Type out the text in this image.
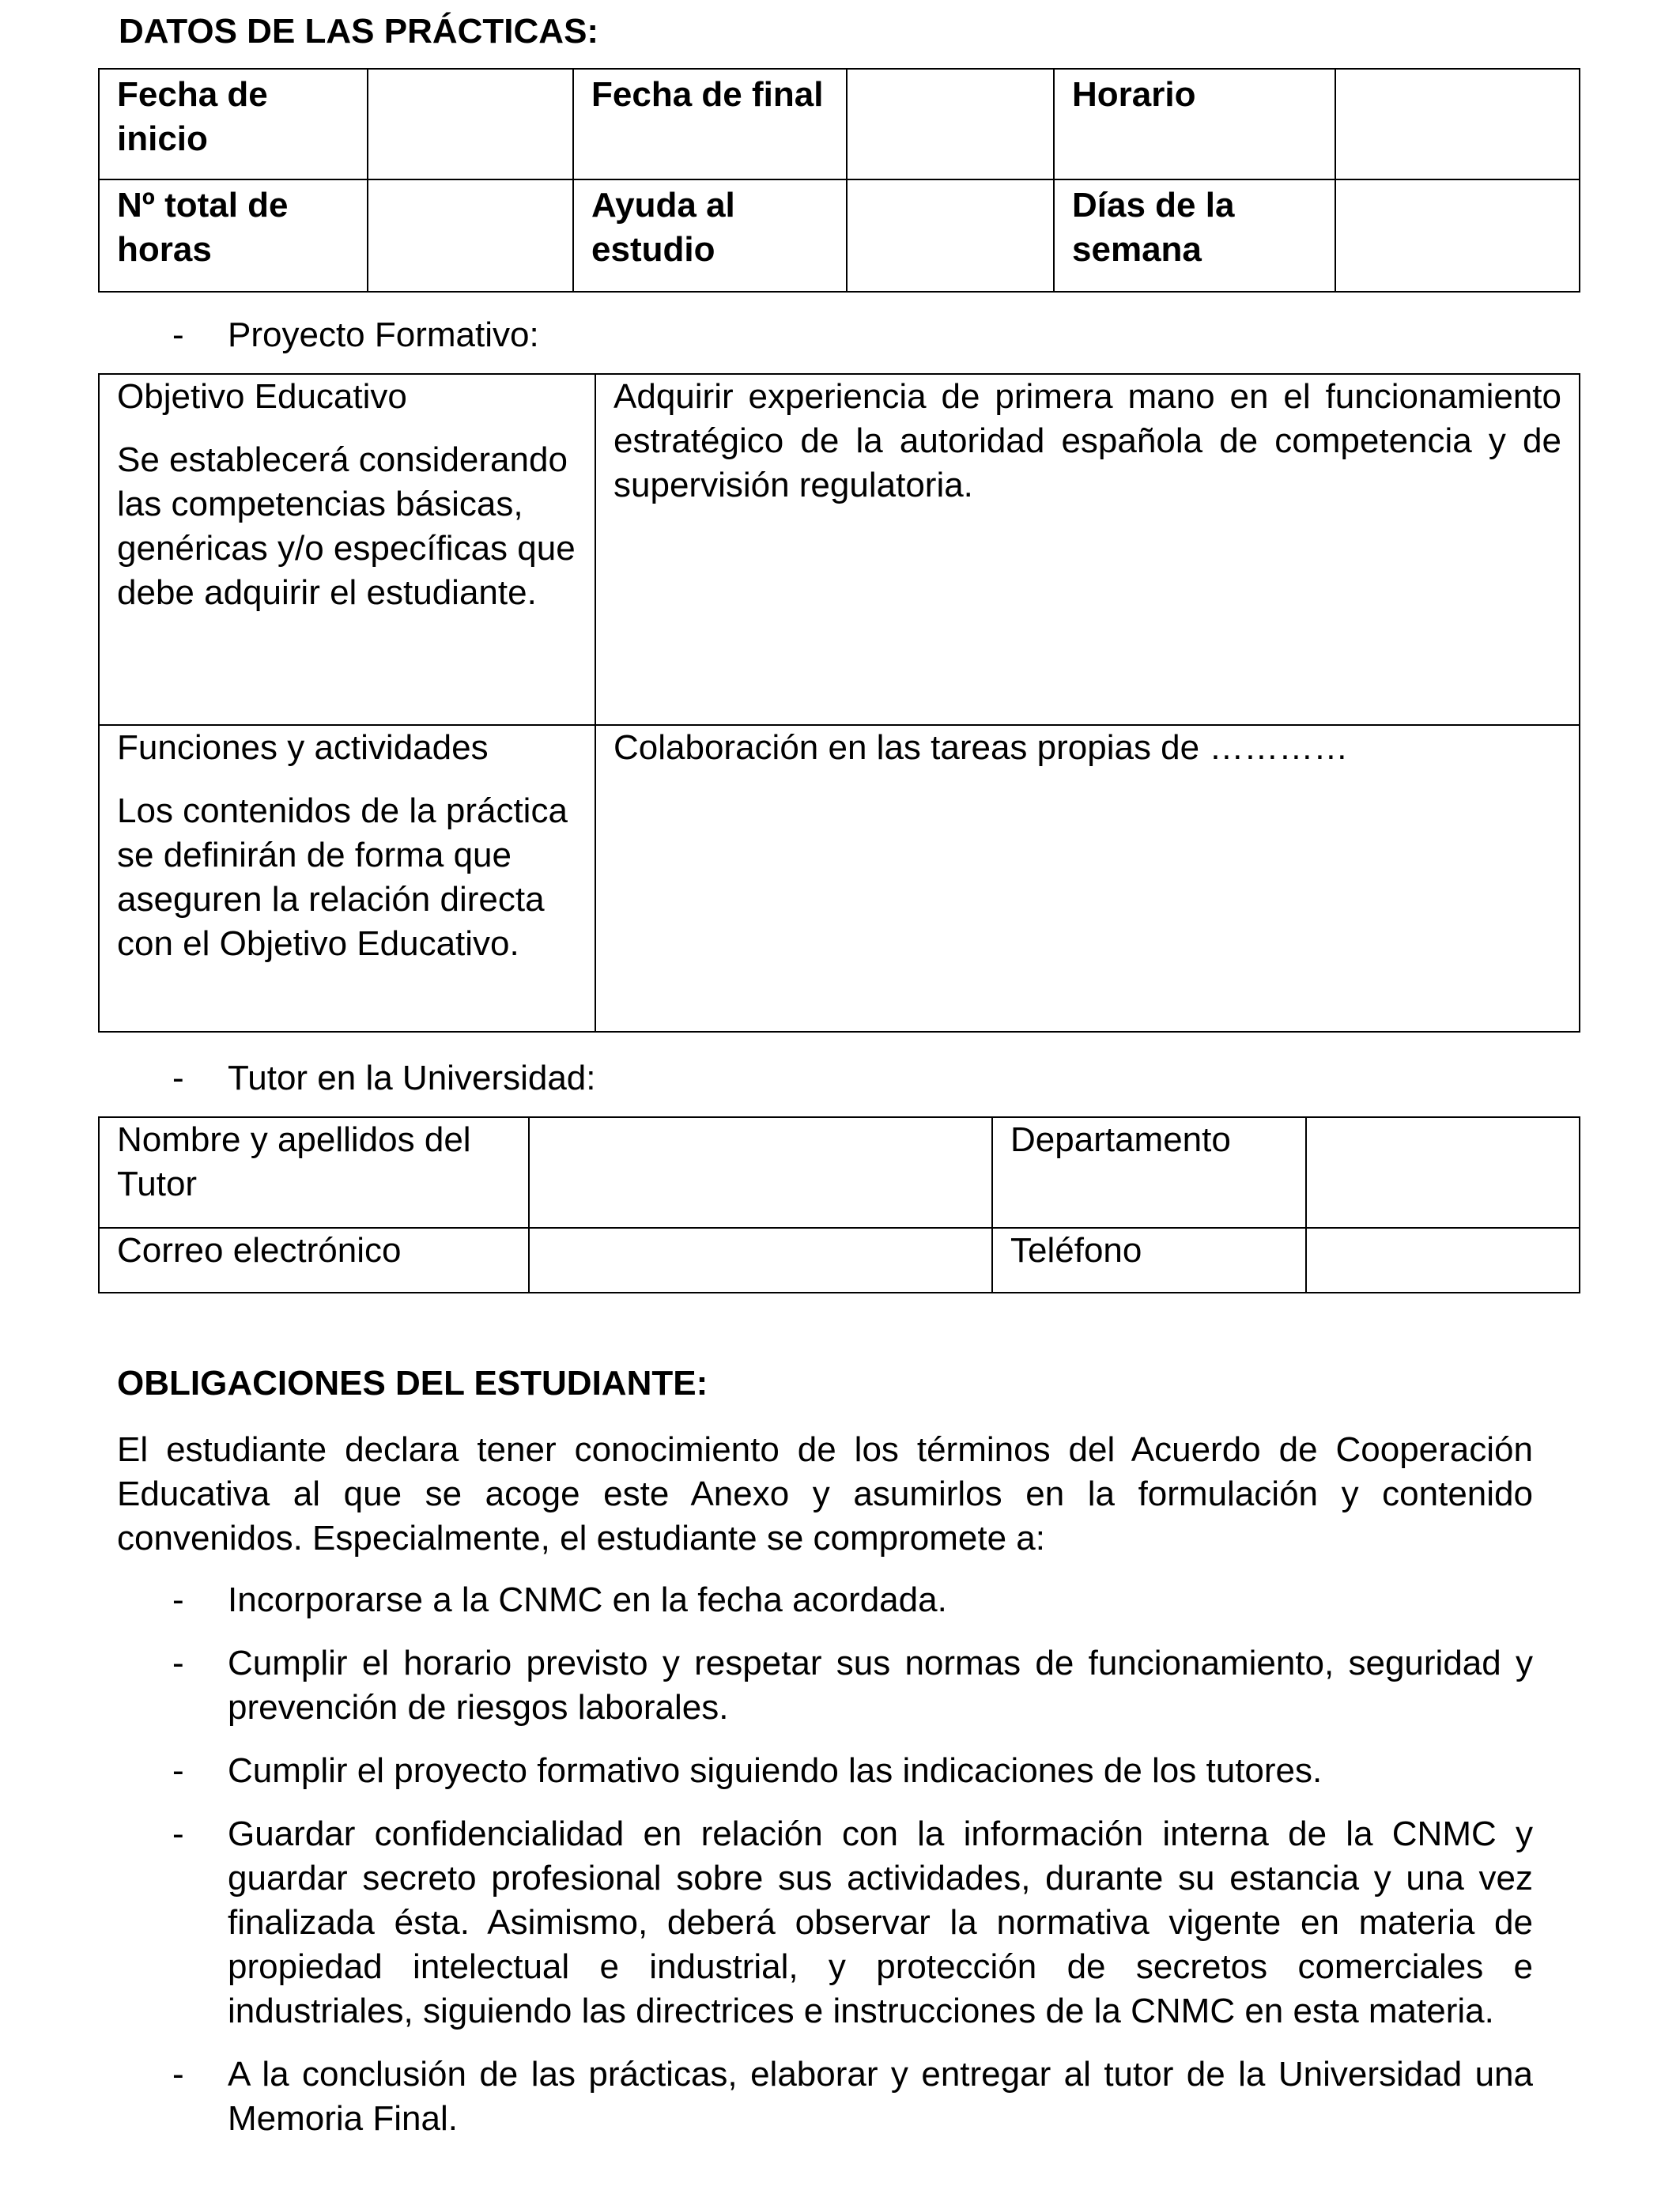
DATOS DE LAS PRÁCTICAS:

Fecha de inicio		Fecha de final		Horario	
Nº total de horas		Ayuda al estudio		Días de la semana	
- Proyecto Formativo:

Objetivo Educativo

Se establecerá considerando las competencias básicas, genéricas y/o específicas que debe adquirir el estudiante.	Adquirir experiencia de primera mano en el funcionamiento estratégico de la autoridad española de competencia y de supervisión regulatoria.

Funciones y actividades

Los contenidos de la práctica se definirán de forma que aseguren la relación directa con el Objetivo Educativo.	Colaboración en las tareas propias de …………

- Tutor en la Universidad:
Nombre y apellidos del Tutor		Departamento	
Correo electrónico		Teléfono	

OBLIGACIONES DEL ESTUDIANTE:

El estudiante declara tener conocimiento de los términos del Acuerdo de Cooperación Educativa al que se acoge este Anexo y asumirlos en la formulación y contenido convenidos. Especialmente, el estudiante se compromete a:

- Incorporarse a la CNMC en la fecha acordada.
- Cumplir el horario previsto y respetar sus normas de funcionamiento, seguridad y prevención de riesgos laborales.
- Cumplir el proyecto formativo siguiendo las indicaciones de los tutores.
- Guardar confidencialidad en relación con la información interna de la CNMC y guardar secreto profesional sobre sus actividades, durante su estancia y una vez finalizada ésta. Asimismo, deberá observar la normativa vigente en materia de propiedad intelectual e industrial, y protección de secretos comerciales e industriales, siguiendo las directrices e instrucciones de la CNMC en esta materia.
- A la conclusión de las prácticas, elaborar y entregar al tutor de la Universidad una Memoria Final.
